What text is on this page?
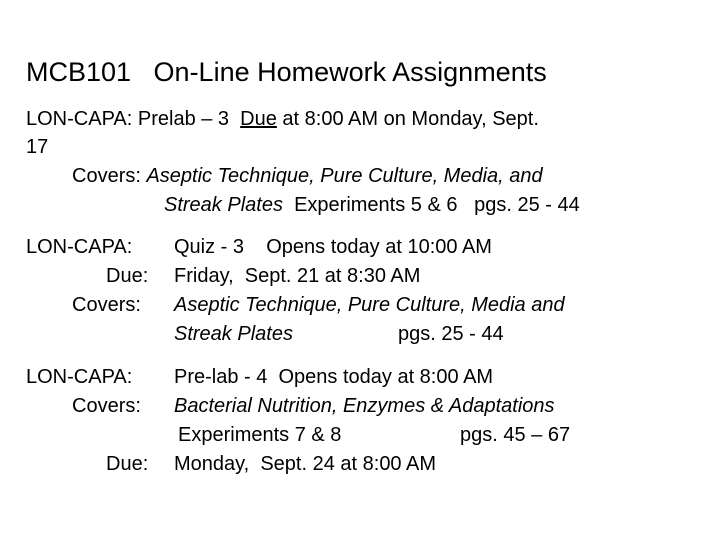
MCB101   On-Line Homework Assignments
LON-CAPA: Prelab – 3  Due at 8:00 AM on Monday, Sept.
17
Covers: Aseptic Technique, Pure Culture, Media, and
Streak Plates  Experiments 5 & 6   pgs. 25 - 44
LON-CAPA: Quiz - 3    Opens today at 10:00 AM
Due: Friday,  Sept. 21 at 8:30 AM
Covers: Aseptic Technique, Pure Culture, Media and
Streak Plates	pgs. 25 - 44
LON-CAPA: Pre-lab - 4  Opens today at 8:00 AM
Covers: Bacterial Nutrition, Enzymes & Adaptations
Experiments 7 & 8	pgs. 45 – 67
Due: Monday,  Sept. 24 at 8:00 AM
